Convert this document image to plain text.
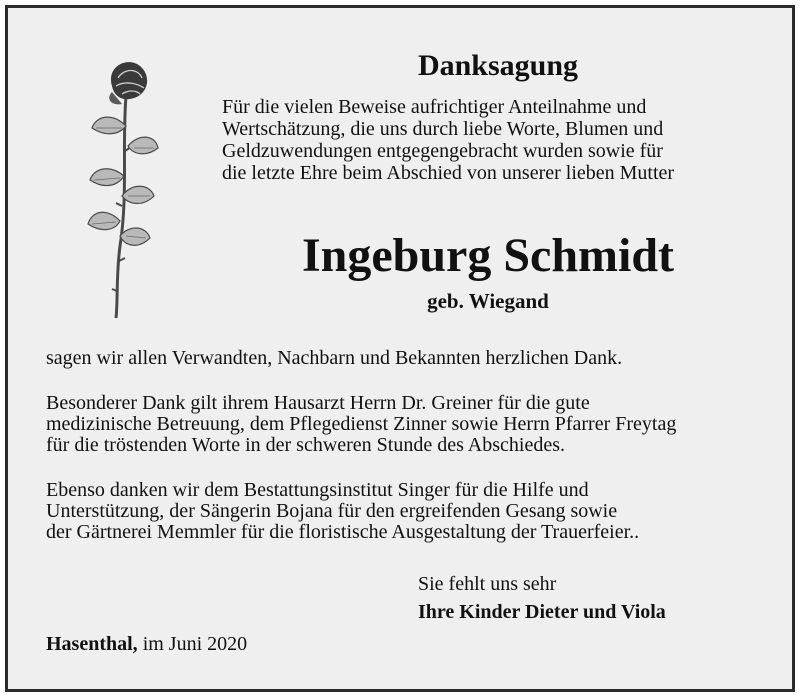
Danksagung
Für die vielen Beweise aufrichtiger Anteilnahme und
Wertschätzung, die uns durch liebe Worte, Blumen und
Geldzuwendungen entgegengebracht wurden sowie für
die letzte Ehre beim Abschied von unserer lieben Mutter
Ingeburg Schmidt
geb. Wiegand
sagen wir allen Verwandten, Nachbarn und Bekannten herzlichen Dank.
Besonderer Dank gilt ihrem Hausarzt Herrn Dr. Greiner für die gute
medizinische Betreuung, dem Pflegedienst Zinner sowie Herrn Pfarrer Freytag
für die tröstenden Worte in der schweren Stunde des Abschiedes.
Ebenso danken wir dem Bestattungsinstitut Singer für die Hilfe und
Unterstützung, der Sängerin Bojana für den ergreifenden Gesang sowie
der Gärtnerei Memmler für die floristische Ausgestaltung der Trauerfeier..
Sie fehlt uns sehr
Ihre Kinder Dieter und Viola
Hasenthal, im Juni 2020
